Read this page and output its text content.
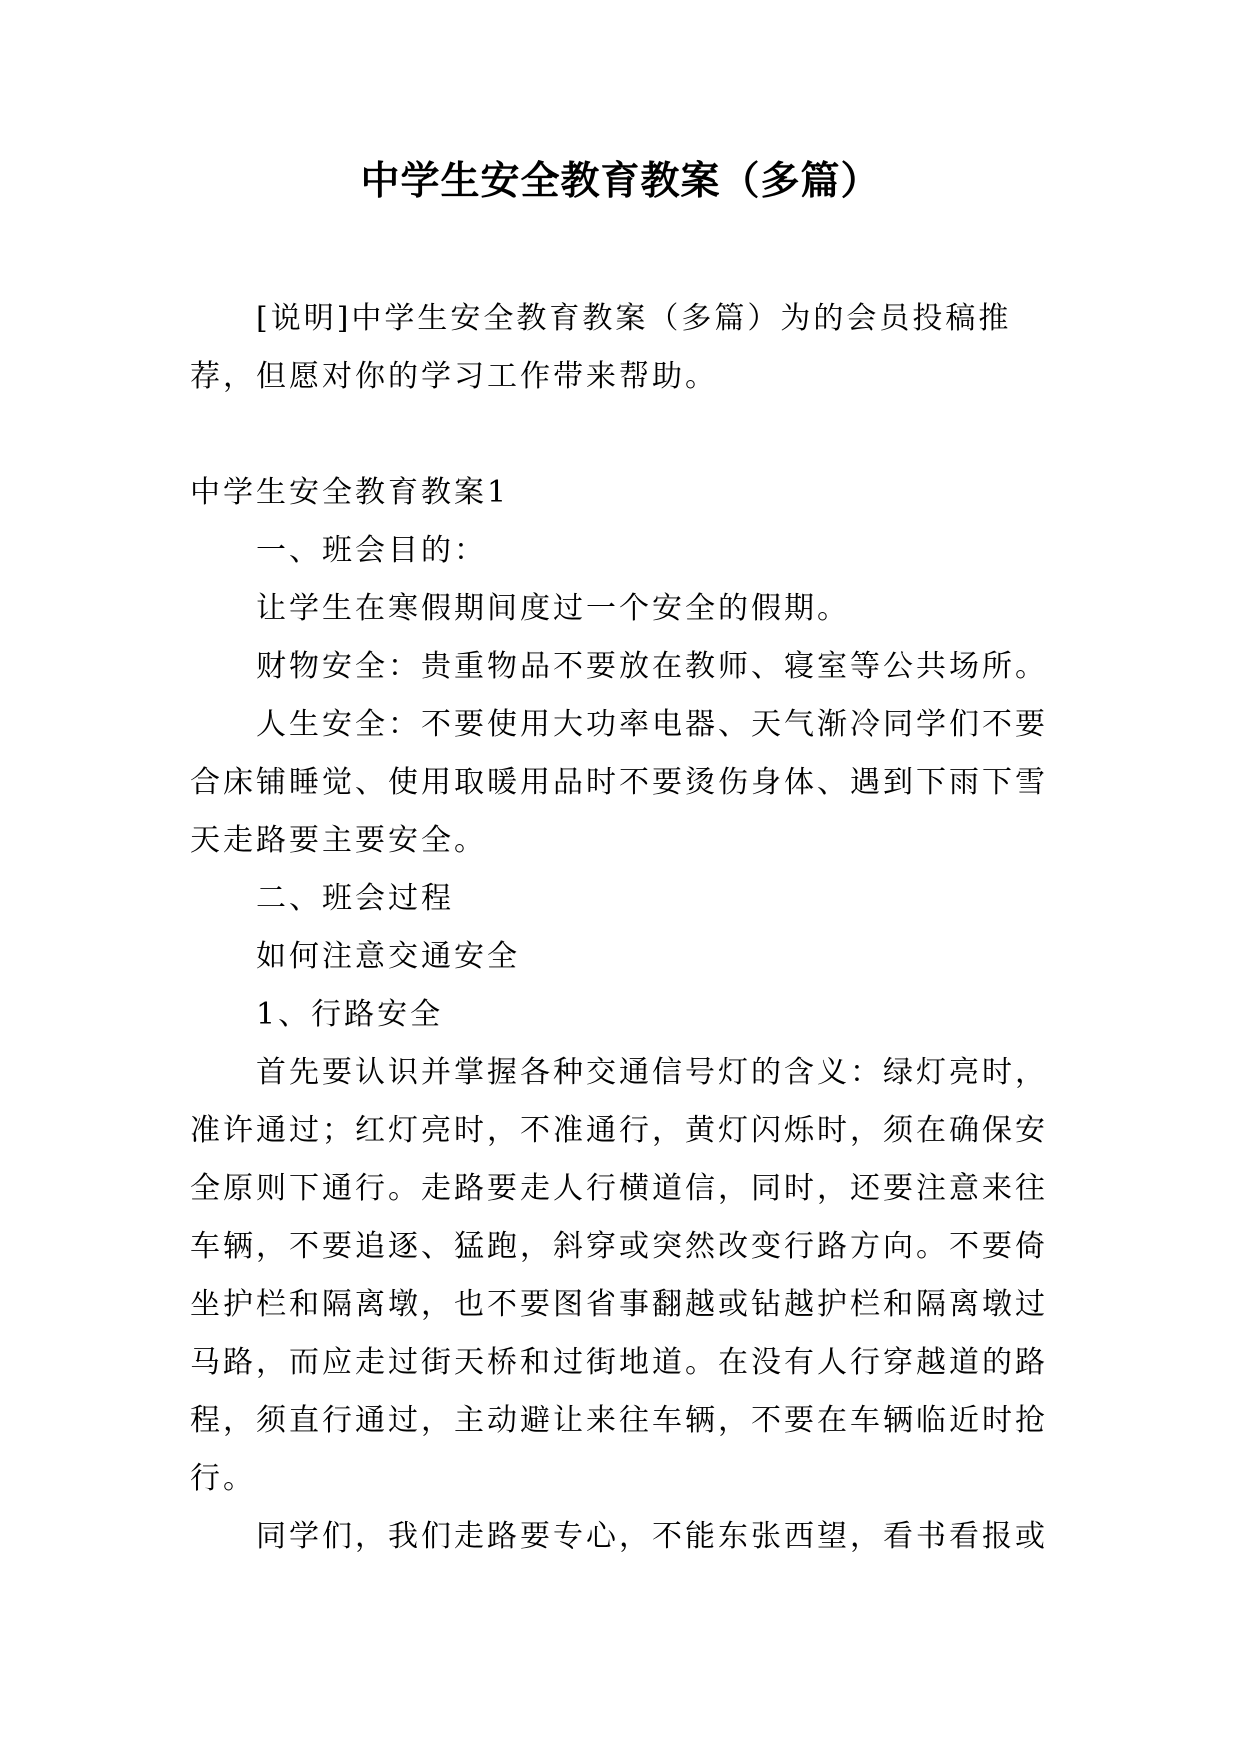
中学生安全教育教案（多篇）

[说明]中学生安全教育教案（多篇）为的会员投稿推荐，但愿对你的学习工作带来帮助。

中学生安全教育教案1

一、班会目的：

让学生在寒假期间度过一个安全的假期。

财物安全：贵重物品不要放在教师、寝室等公共场所。

人生安全：不要使用大功率电器、天气渐冷同学们不要合床铺睡觉、使用取暖用品时不要烫伤身体、遇到下雨下雪天走路要主要安全。

二、班会过程

如何注意交通安全

1、行路安全

首先要认识并掌握各种交通信号灯的含义：绿灯亮时，准许通过；红灯亮时，不准通行，黄灯闪烁时，须在确保安全原则下通行。走路要走人行横道信，同时，还要注意来往车辆，不要追逐、猛跑，斜穿或突然改变行路方向。不要倚坐护栏和隔离墩，也不要图省事翻越或钻越护栏和隔离墩过马路，而应走过街天桥和过街地道。在没有人行穿越道的路程，须直行通过，主动避让来往车辆，不要在车辆临近时抢行。

同学们，我们走路要专心，不能东张西望，看书看报或
